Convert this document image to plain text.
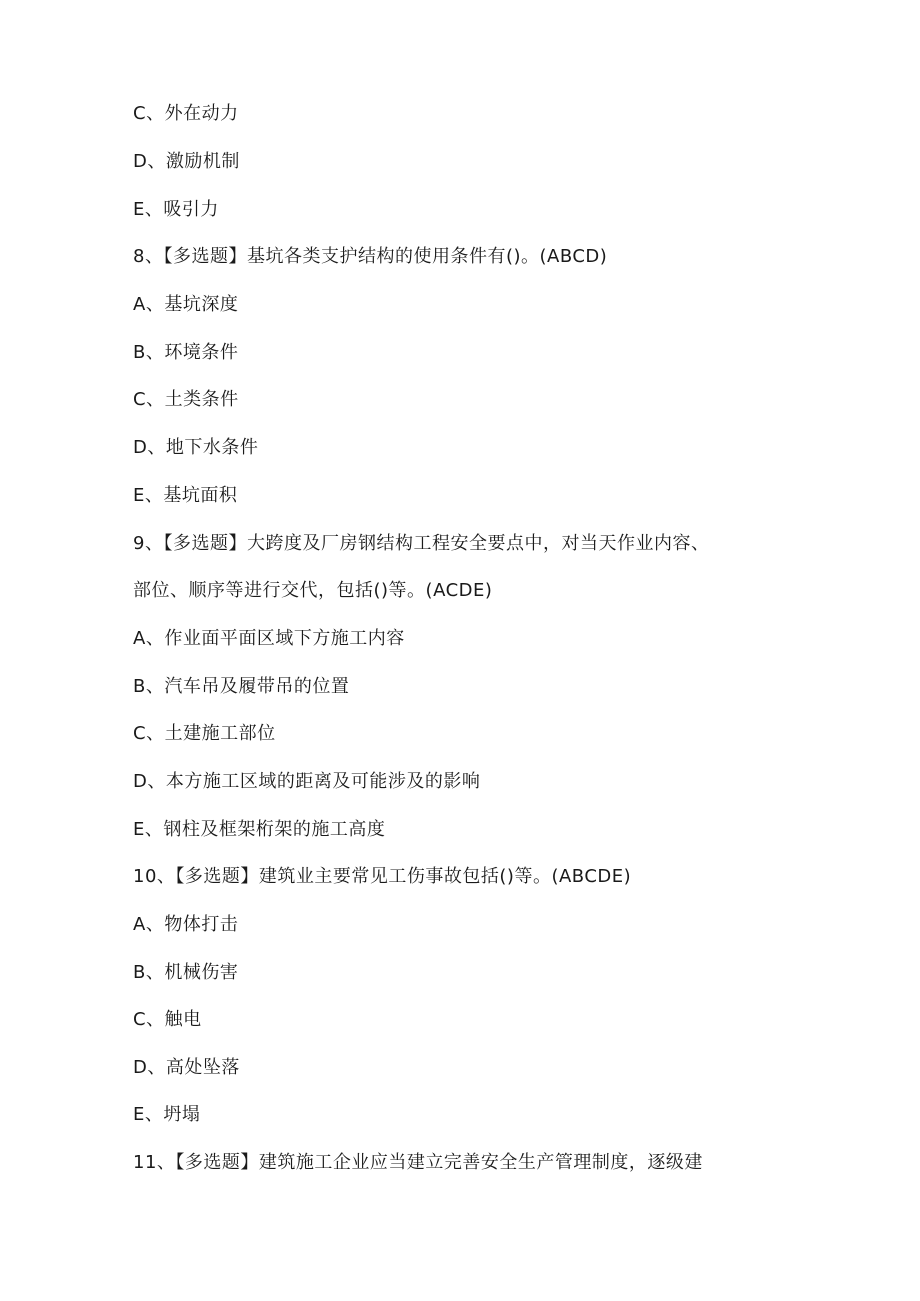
C、外在动力
D、激励机制
E、吸引力
8、【多选题】基坑各类支护结构的使用条件有()。(ABCD)
A、基坑深度
B、环境条件
C、土类条件
D、地下水条件
E、基坑面积
9、【多选题】大跨度及厂房钢结构工程安全要点中，对当天作业内容、
部位、顺序等进行交代，包括()等。(ACDE)
A、作业面平面区域下方施工内容
B、汽车吊及履带吊的位置
C、土建施工部位
D、本方施工区域的距离及可能涉及的影响
E、钢柱及框架桁架的施工高度
10、【多选题】建筑业主要常见工伤事故包括()等。(ABCDE)
A、物体打击
B、机械伤害
C、触电
D、高处坠落
E、坍塌
11、【多选题】建筑施工企业应当建立完善安全生产管理制度，逐级建
